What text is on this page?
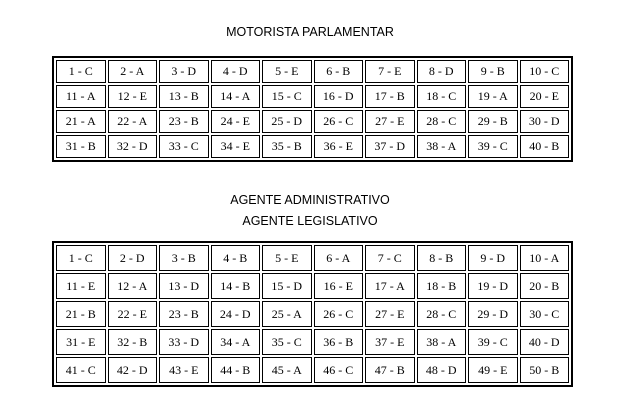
MOTORISTA PARLAMENTAR
1 - C	2 - A	3 - D	4 - D	5 - E	6 - B	7 - E	8 - D	9 - B	10 - C
11 - A	12 - E	13 - B	14 - A	15 - C	16 - D	17 - B	18 - C	19 - A	20 - E
21 - A	22 - A	23 - B	24 - E	25 - D	26 - C	27 - E	28 - C	29 - B	30 - D
31 - B	32 - D	33 - C	34 - E	35 - B	36 - E	37 - D	38 - A	39 - C	40 - B
AGENTE ADMINISTRATIVO
AGENTE LEGISLATIVO
1 - C	2 - D	3 - B	4 - B	5 - E	6 - A	7 - C	8 - B	9 - D	10 - A
11 - E	12 - A	13 - D	14 - B	15 - D	16 - E	17 - A	18 - B	19 - D	20 - B
21 - B	22 - E	23 - B	24 - D	25 - A	26 - C	27 - E	28 - C	29 - D	30 - C
31 - E	32 - B	33 - D	34 - A	35 - C	36 - B	37 - E	38 - A	39 - C	40 - D
41 - C	42 - D	43 - E	44 - B	45 - A	46 - C	47 - B	48 - D	49 - E	50 - B
